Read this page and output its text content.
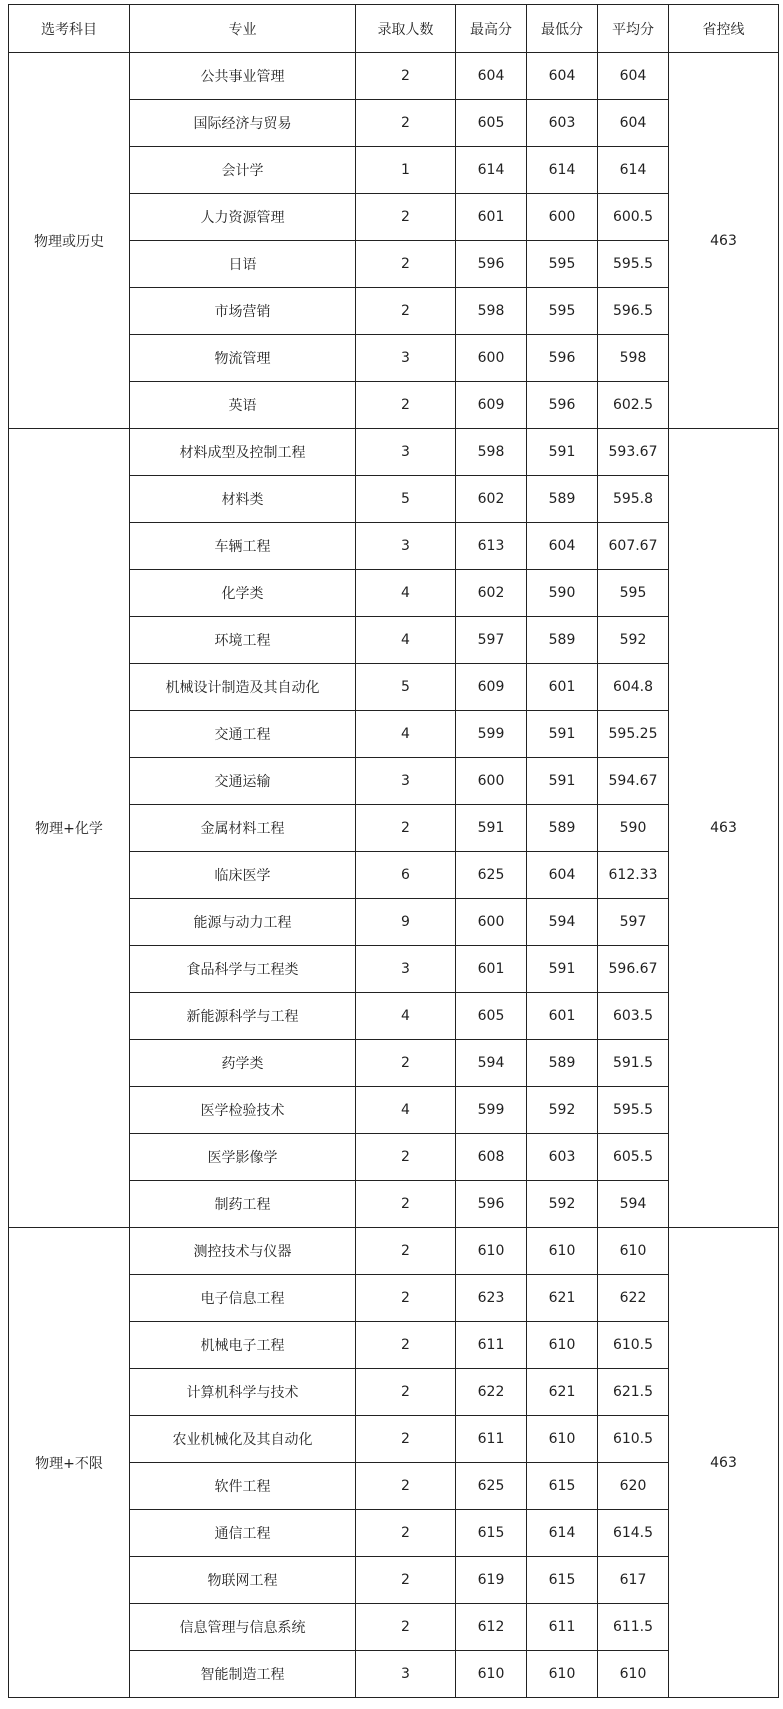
选考科目	专业	录取人数	最高分	最低分	平均分	省控线
物理或历史	公共事业管理	2	604	604	604	463
	国际经济与贸易	2	605	603	604	
	会计学	1	614	614	614	
	人力资源管理	2	601	600	600.5	
	日语	2	596	595	595.5	
	市场营销	2	598	595	596.5	
	物流管理	3	600	596	598	
	英语	2	609	596	602.5	
物理+化学	材料成型及控制工程	3	598	591	593.67	463
	材料类	5	602	589	595.8	
	车辆工程	3	613	604	607.67	
	化学类	4	602	590	595	
	环境工程	4	597	589	592	
	机械设计制造及其自动化	5	609	601	604.8	
	交通工程	4	599	591	595.25	
	交通运输	3	600	591	594.67	
	金属材料工程	2	591	589	590	
	临床医学	6	625	604	612.33	
	能源与动力工程	9	600	594	597	
	食品科学与工程类	3	601	591	596.67	
	新能源科学与工程	4	605	601	603.5	
	药学类	2	594	589	591.5	
	医学检验技术	4	599	592	595.5	
	医学影像学	2	608	603	605.5	
	制药工程	2	596	592	594	
物理+不限	测控技术与仪器	2	610	610	610	463
	电子信息工程	2	623	621	622	
	机械电子工程	2	611	610	610.5	
	计算机科学与技术	2	622	621	621.5	
	农业机械化及其自动化	2	611	610	610.5	
	软件工程	2	625	615	620	
	通信工程	2	615	614	614.5	
	物联网工程	2	619	615	617	
	信息管理与信息系统	2	612	611	611.5	
	智能制造工程	3	610	610	610	
